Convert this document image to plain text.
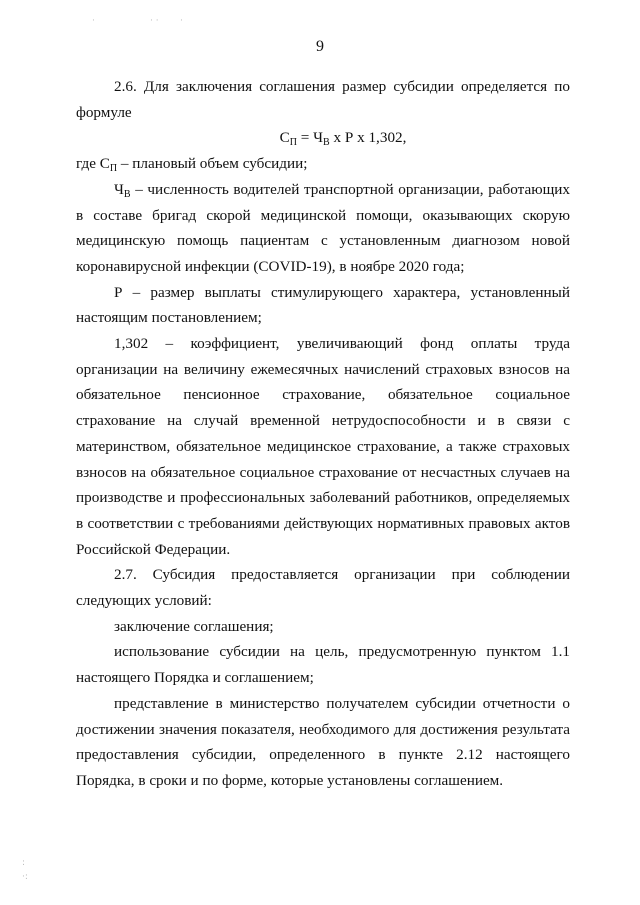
·	· · ·
:
·:
9

2.6. Для заключения соглашения размер субсидии определяется по формуле

$С_П = Ч_В$ х Р х 1,302,

где $С_П$ – плановый объем субсидии;

$Ч_В$ – численность водителей транспортной организации, работающих в составе бригад скорой медицинской помощи, оказывающих скорую медицинскую помощь пациентам с установленным диагнозом новой коронавирусной инфекции (COVID-19), в ноябре 2020 года;

Р – размер выплаты стимулирующего характера, установленный настоящим постановлением;

1,302 – коэффициент, увеличивающий фонд оплаты труда организации на величину ежемесячных начислений страховых взносов на обязательное пенсионное страхование, обязательное социальное страхование на случай временной нетрудоспособности и в связи с материнством, обязательное медицинское страхование, а также страховых взносов на обязательное социальное страхование от несчастных случаев на производстве и профессиональных заболеваний работников, определяемых в соответствии с требованиями действующих нормативных правовых актов Российской Федерации.

2.7. Субсидия предоставляется организации при соблюдении следующих условий:

заключение соглашения;

использование субсидии на цель, предусмотренную пунктом 1.1 настоящего Порядка и соглашением;

представление в министерство получателем субсидии отчетности о достижении значения показателя, необходимого для достижения результата предоставления субсидии, определенного в пункте 2.12 настоящего Порядка, в сроки и по форме, которые установлены соглашением.
